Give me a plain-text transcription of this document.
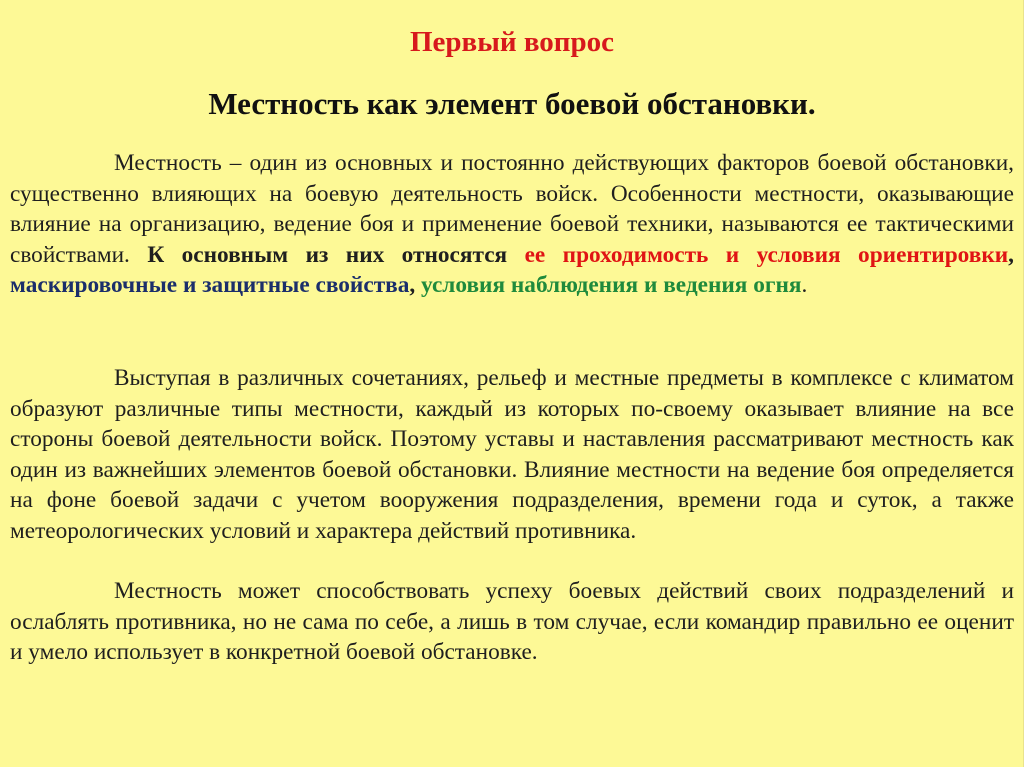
Первый вопрос
Местность как элемент боевой обстановки.

Местность – один из основных и постоянно действующих факторов боевой обстановки, существенно влияющих на боевую деятельность войск. Особенности местности, оказывающие влияние на организацию, ведение боя и применение боевой техники, называются ее тактическими свойствами. К основным из них относятся ее проходимость и условия ориентировки, маскировочные и защитные свойства, условия наблюдения и ведения огня.

Выступая в различных сочетаниях, рельеф и местные предметы в комплексе с климатом образуют различные типы местности, каждый из которых по-своему оказывает влияние на все стороны боевой деятельности войск. Поэтому уставы и наставления рассматривают местность как один из важнейших элементов боевой обстановки. Влияние местности на ведение боя определяется на фоне боевой задачи с учетом вооружения подразделения, времени года и суток, а также метеорологических условий и характера действий противника.

Местность может способствовать успеху боевых действий своих подразделений и ослаблять противника, но не сама по себе, а лишь в том случае, если командир правильно ее оценит и умело использует в конкретной боевой обстановке.
